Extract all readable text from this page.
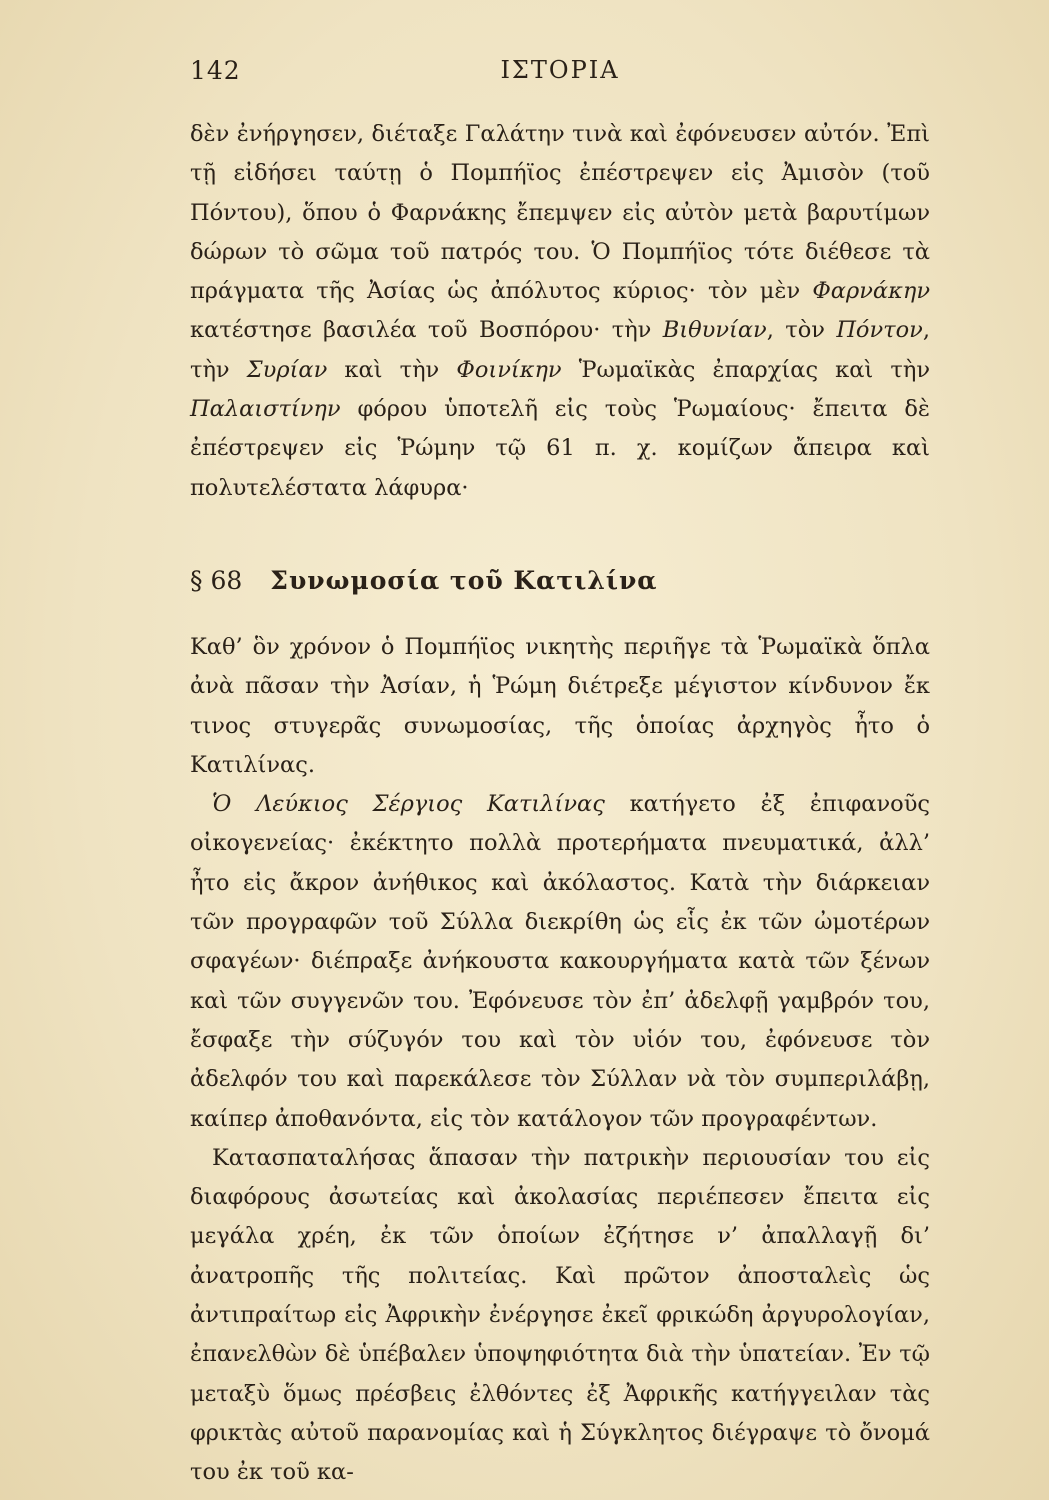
142	ΙΣΤΟΡΙΑ

δὲν ἐνήργησεν, διέταξε Γαλάτην τινὰ καὶ ἐφόνευσεν αὐτόν. Ἐπὶ τῇ εἰδήσει ταύτῃ ὁ Πομπήϊος ἐπέστρεψεν εἰς Ἀμισὸν (τοῦ Πόντου), ὅπου ὁ Φαρνάκης ἔπεμψεν εἰς αὐτὸν μετὰ βαρυτίμων δώρων τὸ σῶμα τοῦ πατρός του. Ὁ Πομπήϊος τότε διέθεσε τὰ πράγματα τῆς Ἀσίας ὡς ἀπόλυτος κύριος· τὸν μὲν Φαρνάκην κατέστησε βασιλέα τοῦ Βοσπόρου· τὴν Βιθυνίαν, τὸν Πόντον, τὴν Συρίαν καὶ τὴν Φοινίκην Ῥωμαϊκὰς ἐπαρχίας καὶ τὴν Παλαιστίνην φόρου ὑποτελῆ εἰς τοὺς Ῥωμαίους· ἔπειτα δὲ ἐπέστρεψεν εἰς Ῥώμην τῷ 61 π. χ. κομίζων ἄπειρα καὶ πολυτελέστατα λάφυρα·

§ 68 Συνωμοσία τοῦ Κατιλίνα

Καθ’ ὃν χρόνον ὁ Πομπήϊος νικητὴς περιῆγε τὰ Ῥωμαϊκὰ ὅπλα ἀνὰ πᾶσαν τὴν Ἀσίαν, ἡ Ῥώμη διέτρεξε μέγιστον κίνδυνον ἔκ τινος στυγερᾶς συνωμοσίας, τῆς ὁποίας ἀρχηγὸς ἦτο ὁ Κατιλίνας.

Ὁ Λεύκιος Σέργιος Κατιλίνας κατήγετο ἐξ ἐπιφανοῦς οἰκογενείας· ἐκέκτητο πολλὰ προτερήματα πνευματικά, ἀλλ’ ἦτο εἰς ἄκρον ἀνήθικος καὶ ἀκόλαστος. Κατὰ τὴν διάρκειαν τῶν προγραφῶν τοῦ Σύλλα διεκρίθη ὡς εἷς ἐκ τῶν ὠμοτέρων σφαγέων· διέπραξε ἀνήκουστα κακουργήματα κατὰ τῶν ξένων καὶ τῶν συγγενῶν του. Ἐφόνευσε τὸν ἐπ’ ἀδελφῇ γαμβρόν του, ἔσφαξε τὴν σύζυγόν του καὶ τὸν υἱόν του, ἐφόνευσε τὸν ἀδελφόν του καὶ παρεκάλεσε τὸν Σύλλαν νὰ τὸν συμπεριλάβῃ, καίπερ ἀποθανόντα, εἰς τὸν κατάλογον τῶν προγραφέντων.

Κατασπαταλήσας ἅπασαν τὴν πατρικὴν περιουσίαν του εἰς διαφόρους ἀσωτείας καὶ ἀκολασίας περιέπεσεν ἔπειτα εἰς μεγάλα χρέη, ἐκ τῶν ὁποίων ἐζήτησε ν’ ἀπαλλαγῇ δι’ ἀνατροπῆς τῆς πολιτείας. Καὶ πρῶτον ἀποσταλεὶς ὡς ἀντιπραίτωρ εἰς Ἀφρικὴν ἐνέργησε ἐκεῖ φρικώδη ἀργυρολογίαν, ἐπανελθὼν δὲ ὑπέβαλεν ὑποψηφιότητα διὰ τὴν ὑπατείαν. Ἐν τῷ μεταξὺ ὅμως πρέσβεις ἐλθόντες ἐξ Ἀφρικῆς κατήγγειλαν τὰς φρικτὰς αὐτοῦ παρανομίας καὶ ἡ Σύγκλητος διέγραψε τὸ ὄνομά του ἐκ τοῦ κα-
